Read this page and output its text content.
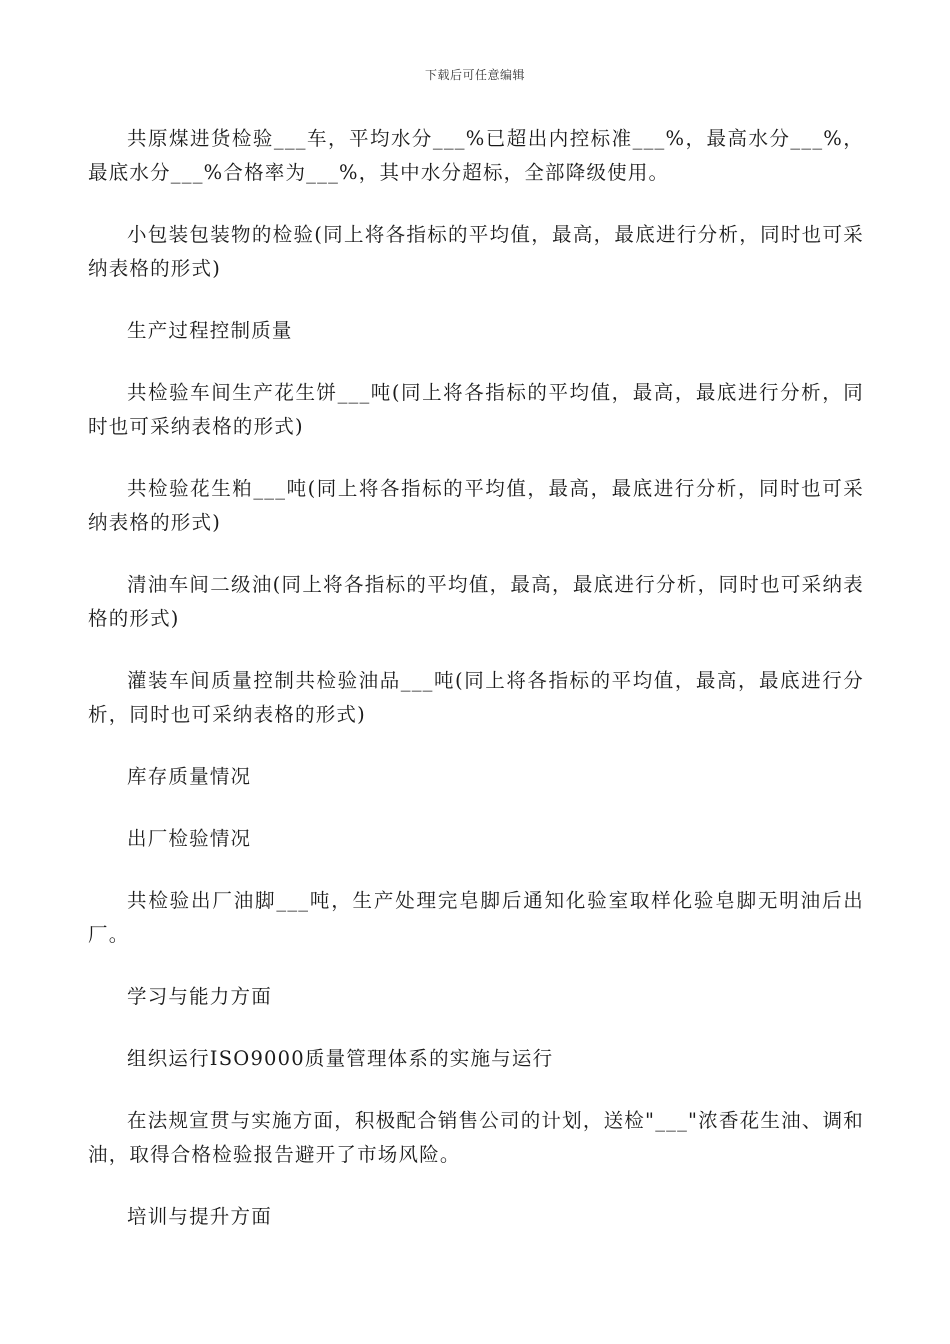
下载后可任意编辑

共原煤进货检验___车，平均水分___%已超出内控标准___%，最高水分___%，最底水分___%合格率为___%，其中水分超标，全部降级使用。

小包装包装物的检验(同上将各指标的平均值，最高，最底进行分析，同时也可采纳表格的形式)

生产过程控制质量

共检验车间生产花生饼___吨(同上将各指标的平均值，最高，最底进行分析，同时也可采纳表格的形式)

共检验花生粕___吨(同上将各指标的平均值，最高，最底进行分析，同时也可采纳表格的形式)

清油车间二级油(同上将各指标的平均值，最高，最底进行分析，同时也可采纳表格的形式)

灌装车间质量控制共检验油品___吨(同上将各指标的平均值，最高，最底进行分析，同时也可采纳表格的形式)

库存质量情况

出厂检验情况

共检验出厂油脚___吨，生产处理完皂脚后通知化验室取样化验皂脚无明油后出厂。

学习与能力方面

组织运行ISO9000质量管理体系的实施与运行

在法规宣贯与实施方面，积极配合销售公司的计划，送检"___"浓香花生油、调和油，取得合格检验报告避开了市场风险。

培训与提升方面
